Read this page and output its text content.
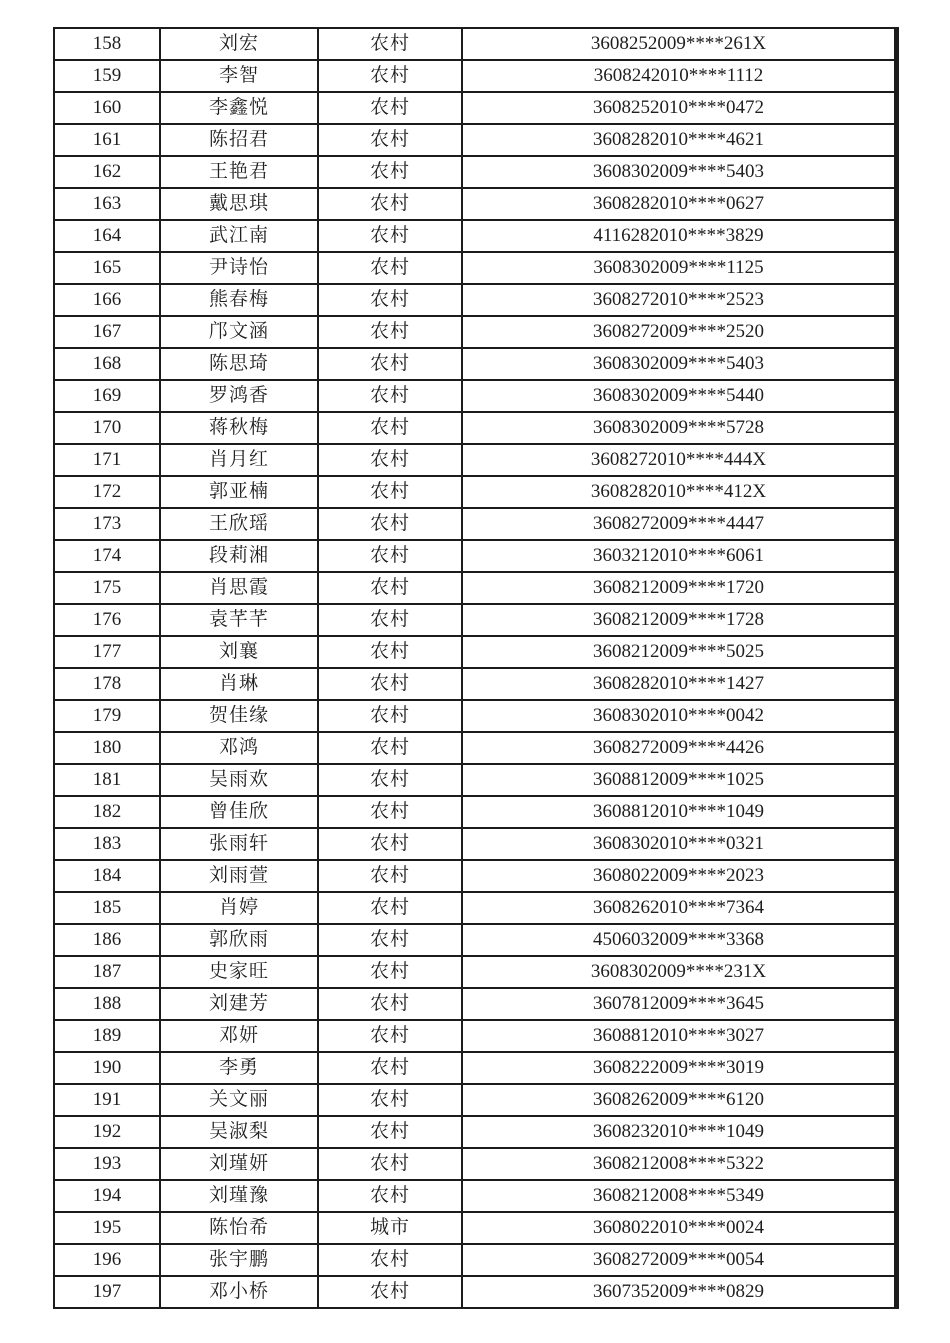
158	刘宏	农村	3608252009****261X
159	李智	农村	3608242010****1112
160	李鑫悦	农村	3608252010****0472
161	陈招君	农村	3608282010****4621
162	王艳君	农村	3608302009****5403
163	戴思琪	农村	3608282010****0627
164	武江南	农村	4116282010****3829
165	尹诗怡	农村	3608302009****1125
166	熊春梅	农村	3608272010****2523
167	邝文涵	农村	3608272009****2520
168	陈思琦	农村	3608302009****5403
169	罗鸿香	农村	3608302009****5440
170	蒋秋梅	农村	3608302009****5728
171	肖月红	农村	3608272010****444X
172	郭亚楠	农村	3608282010****412X
173	王欣瑶	农村	3608272009****4447
174	段莉湘	农村	3603212010****6061
175	肖思霞	农村	3608212009****1720
176	袁芊芊	农村	3608212009****1728
177	刘襄	农村	3608212009****5025
178	肖琳	农村	3608282010****1427
179	贺佳缘	农村	3608302010****0042
180	邓鸿	农村	3608272009****4426
181	吴雨欢	农村	3608812009****1025
182	曾佳欣	农村	3608812010****1049
183	张雨轩	农村	3608302010****0321
184	刘雨萱	农村	3608022009****2023
185	肖婷	农村	3608262010****7364
186	郭欣雨	农村	4506032009****3368
187	史家旺	农村	3608302009****231X
188	刘建芳	农村	3607812009****3645
189	邓妍	农村	3608812010****3027
190	李勇	农村	3608222009****3019
191	关文丽	农村	3608262009****6120
192	吴淑梨	农村	3608232010****1049
193	刘瑾妍	农村	3608212008****5322
194	刘瑾豫	农村	3608212008****5349
195	陈怡希	城市	3608022010****0024
196	张宇鹏	农村	3608272009****0054
197	邓小桥	农村	3607352009****0829
